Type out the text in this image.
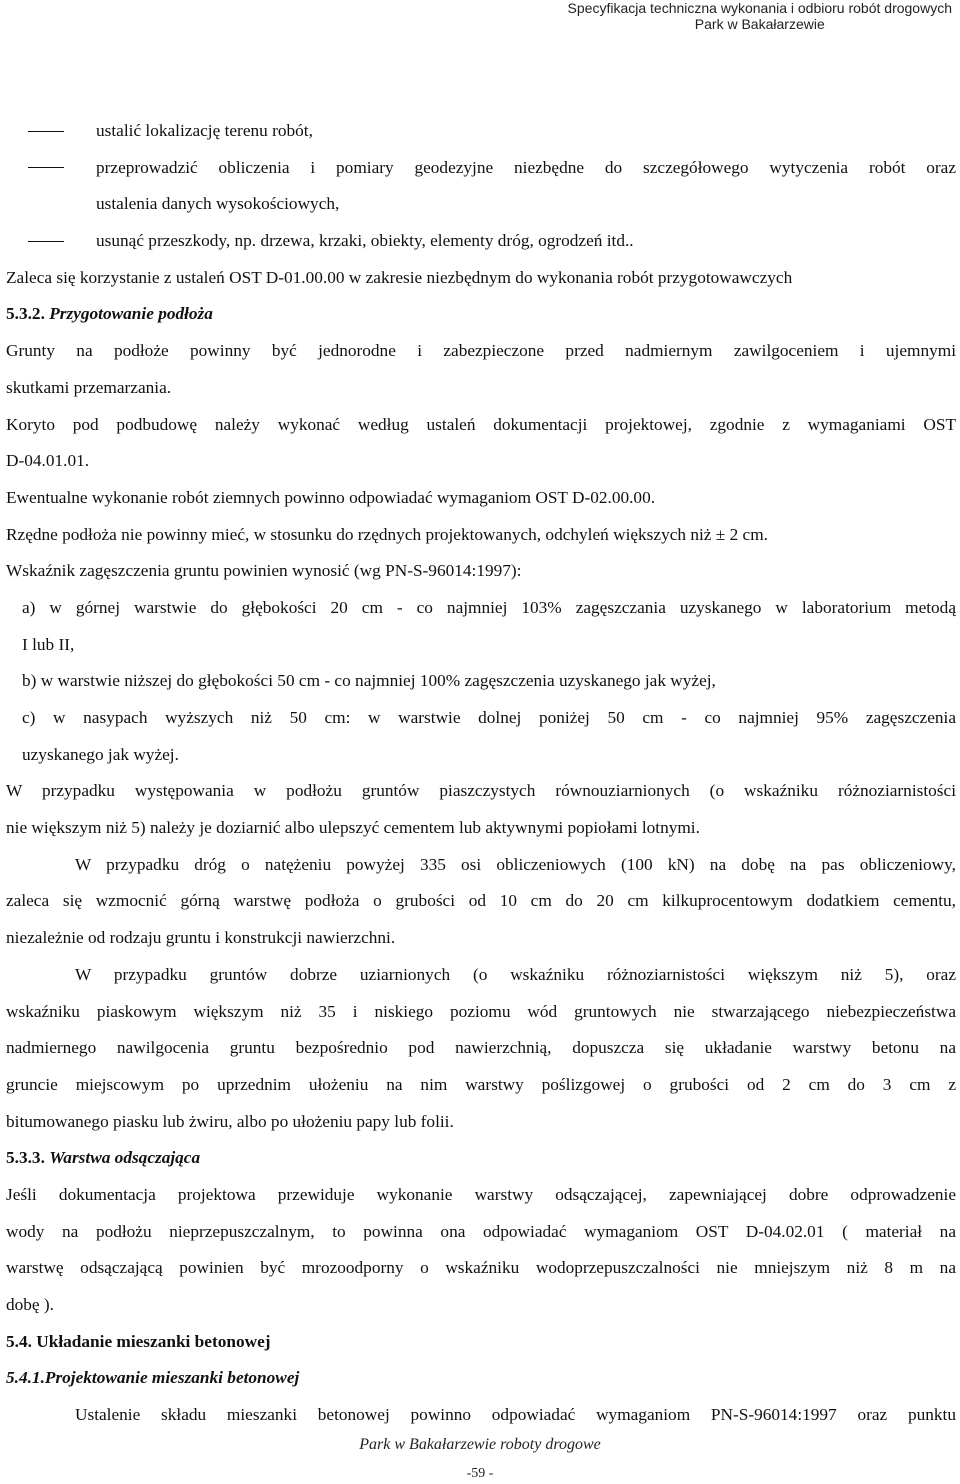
Specyfikacja techniczna wykonania i odbioru robót drogowych
Park w Bakałarzewie
ustalić lokalizację terenu robót,
przeprowadzić obliczenia i pomiary geodezyjne niezbędne do szczegółowego wytyczenia robót oraz
ustalenia danych wysokościowych,
usunąć przeszkody, np. drzewa, krzaki, obiekty, elementy dróg, ogrodzeń itd..
Zaleca się korzystanie z ustaleń OST D-01.00.00 w zakresie niezbędnym do wykonania robót przygotowawczych
5.3.2. Przygotowanie podłoża
Grunty na podłoże powinny być jednorodne i zabezpieczone przed nadmiernym zawilgoceniem i ujemnymi
skutkami przemarzania.
Koryto pod podbudowę należy wykonać według ustaleń dokumentacji projektowej, zgodnie z wymaganiami OST
D-04.01.01.
Ewentualne wykonanie robót ziemnych powinno odpowiadać wymaganiom OST D-02.00.00.
Rzędne podłoża nie powinny mieć, w stosunku do rzędnych projektowanych, odchyleń większych niż ± 2 cm.
Wskaźnik zagęszczenia gruntu powinien wynosić (wg PN-S-96014:1997):
a) w górnej warstwie do głębokości 20 cm - co najmniej 103% zagęszczania uzyskanego w laboratorium metodą
I lub II,
b) w warstwie niższej do głębokości 50 cm - co najmniej 100% zagęszczenia uzyskanego jak wyżej,
c) w nasypach wyższych niż 50 cm: w warstwie dolnej poniżej 50 cm - co najmniej 95% zagęszczenia
uzyskanego jak wyżej.
W przypadku występowania w podłożu gruntów piaszczystych równouziarnionych (o wskaźniku różnoziarnistości
nie większym niż 5) należy je doziarnić albo ulepszyć cementem lub aktywnymi popiołami lotnymi.
W przypadku dróg o natężeniu powyżej 335 osi obliczeniowych (100 kN) na dobę na pas obliczeniowy,
zaleca się wzmocnić górną warstwę podłoża o grubości od 10 cm do 20 cm kilkuprocentowym dodatkiem cementu,
niezależnie od rodzaju gruntu i konstrukcji nawierzchni.
W przypadku gruntów dobrze uziarnionych (o wskaźniku różnoziarnistości większym niż 5), oraz
wskaźniku piaskowym większym niż 35 i niskiego poziomu wód gruntowych nie stwarzającego niebezpieczeństwa
nadmiernego nawilgocenia gruntu bezpośrednio pod nawierzchnią, dopuszcza się układanie warstwy betonu na
gruncie miejscowym po uprzednim ułożeniu na nim warstwy poślizgowej o grubości od 2 cm do 3 cm z
bitumowanego piasku lub żwiru, albo po ułożeniu papy lub folii.
5.3.3. Warstwa odsączająca
Jeśli dokumentacja projektowa przewiduje wykonanie warstwy odsączającej, zapewniającej dobre odprowadzenie
wody na podłożu nieprzepuszczalnym, to powinna ona odpowiadać wymaganiom OST D-04.02.01 ( materiał na
warstwę odsączającą powinien być mrozoodporny o wskaźniku wodoprzepuszczalności nie mniejszym niż 8 m na
dobę ).
5.4. Układanie mieszanki betonowej
5.4.1.Projektowanie mieszanki betonowej
Ustalenie składu mieszanki betonowej powinno odpowiadać wymaganiom PN-S-96014:1997 oraz punktu
Park w Bakałarzewie roboty drogowe
-59 -
